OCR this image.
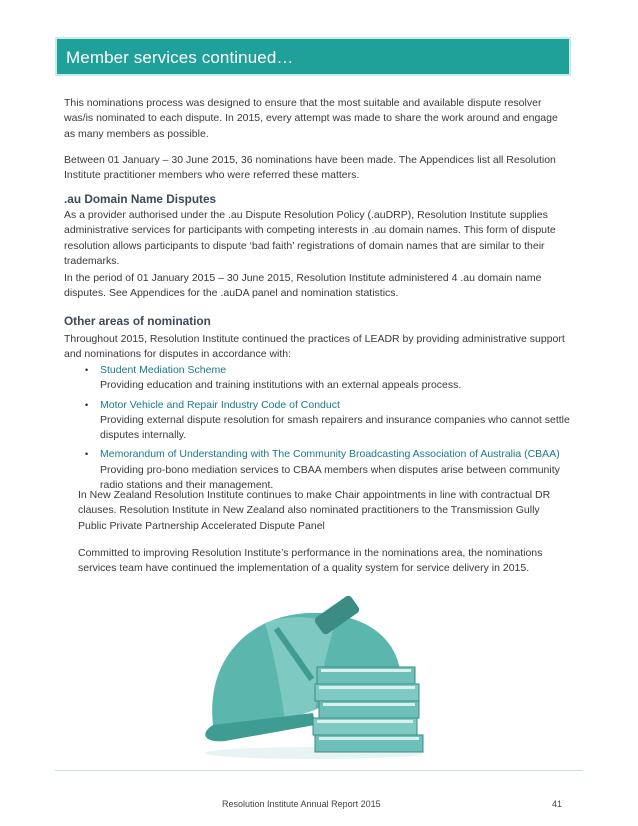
Member services continued…

This nominations process was designed to ensure that the most suitable and available dispute resolver was/is nominated to each dispute. In 2015, every attempt was made to share the work around and engage as many members as possible.

Between 01 January – 30 June 2015, 36 nominations have been made. The Appendices list all Resolution Institute practitioner members who were referred these matters.

.au Domain Name Disputes

As a provider authorised under the .au Dispute Resolution Policy (.auDRP), Resolution Institute supplies administrative services for participants with competing interests in .au domain names. This form of dispute resolution allows participants to dispute ‘bad faith’ registrations of domain names that are similar to their trademarks.

In the period of 01 January 2015 – 30 June 2015, Resolution Institute administered 4 .au domain name disputes. See Appendices for the .auDA panel and nomination statistics.

Other areas of nomination

Throughout 2015, Resolution Institute continued the practices of LEADR by providing administrative support and nominations for disputes in accordance with:

• Student Mediation Scheme
Providing education and training institutions with an external appeals process.
• Motor Vehicle and Repair Industry Code of Conduct
Providing external dispute resolution for smash repairers and insurance companies who cannot settle disputes internally.
• Memorandum of Understanding with The Community Broadcasting Association of Australia (CBAA)
Providing pro-bono mediation services to CBAA members when disputes arise between community radio stations and their management.

In New Zealand Resolution Institute continues to make Chair appointments in line with contractual DR clauses. Resolution Institute in New Zealand also nominated practitioners to the Transmission Gully Public Private Partnership Accelerated Dispute Panel

Committed to improving Resolution Institute’s performance in the nominations area, the nominations services team have continued the implementation of a quality system for service delivery in 2015.

Resolution Institute Annual Report 2015	41
